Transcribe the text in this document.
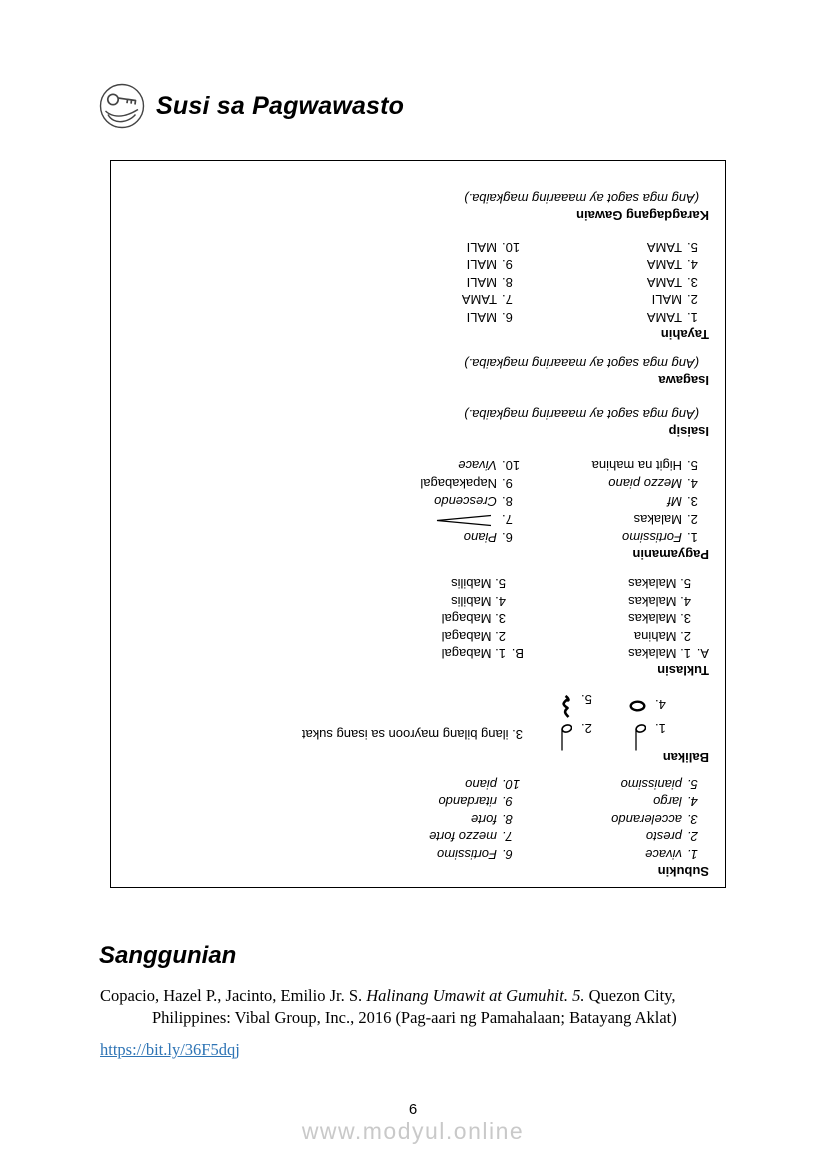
Susi sa Pagwawasto
Subukin
1.vivace
2.presto
3.accelerando
4.largo
5.pianissimo
6.Fortissimo
7.mezzo forte
8.forte
9.ritardando
10.piano
Balikan
1.
2.
3. ilang bilang mayroon sa isang sukat
4.
5.
Tuklasin
A.1. Malakas
2. Mahina
3. Malakas
4. Malakas
5. Malakas
B.1. Mabagal
2. Mabagal
3. Mabagal
4. Mabilis
5. Mabilis
Pagyamanin
1.Fortissimo
2.Malakas
3.Mf
4.Mezzo piano
5.Higit na mahina
6.Piano
7.
8.Crescendo
9.Napakabagal
10.Vivace
Isaisip
(Ang mga sagot ay maaaring magkaiba.)
Isagawa
(Ang mga sagot ay maaaring magkaiba.)
Tayahin
1.TAMA
2.MALI
3.TAMA
4.TAMA
5.TAMA
6.MALI
7.TAMA
8.MALI
9.MALI
10.MALI
Karagdagang Gawain
(Ang mga sagot ay maaaring magkaiba.)
Sanggunian

Copacio, Hazel P., Jacinto, Emilio Jr. S. Halinang Umawit at Gumuhit. 5. Quezon City, Philippines: Vibal Group, Inc., 2016 (Pag-aari ng Pamahalaan; Batayang Aklat)

https://bit.ly/36F5dqj
6
www.modyul.online
